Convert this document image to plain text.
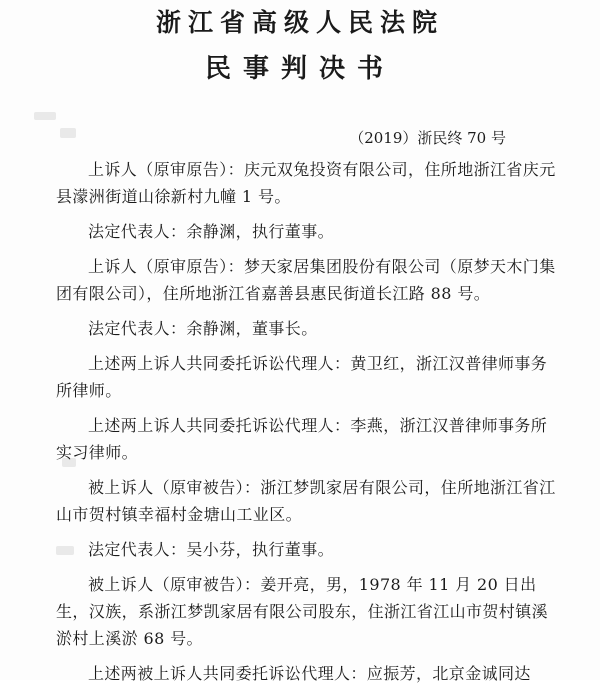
浙江省高级人民法院
民事判决书
（2019）浙民终 70 号

上诉人（原审原告）：庆元双兔投资有限公司，住所地浙江省庆元县濛洲街道山徐新村九幢 1 号。

法定代表人：余静渊，执行董事。

上诉人（原审原告）：梦天家居集团股份有限公司（原梦天木门集团有限公司），住所地浙江省嘉善县惠民街道长江路 88 号。

法定代表人：余静渊，董事长。

上述两上诉人共同委托诉讼代理人：黄卫红，浙江汉普律师事务所律师。

上述两上诉人共同委托诉讼代理人：李燕，浙江汉普律师事务所实习律师。

被上诉人（原审被告）：浙江梦凯家居有限公司，住所地浙江省江山市贺村镇幸福村金塘山工业区。

法定代表人：吴小芬，执行董事。

被上诉人（原审被告）：姜开亮，男，1978 年 11 月 20 日出生，汉族，系浙江梦凯家居有限公司股东，住浙江省江山市贺村镇溪淤村上溪淤 68 号。

上述两被上诉人共同委托诉讼代理人：应振芳，北京金诚同达
